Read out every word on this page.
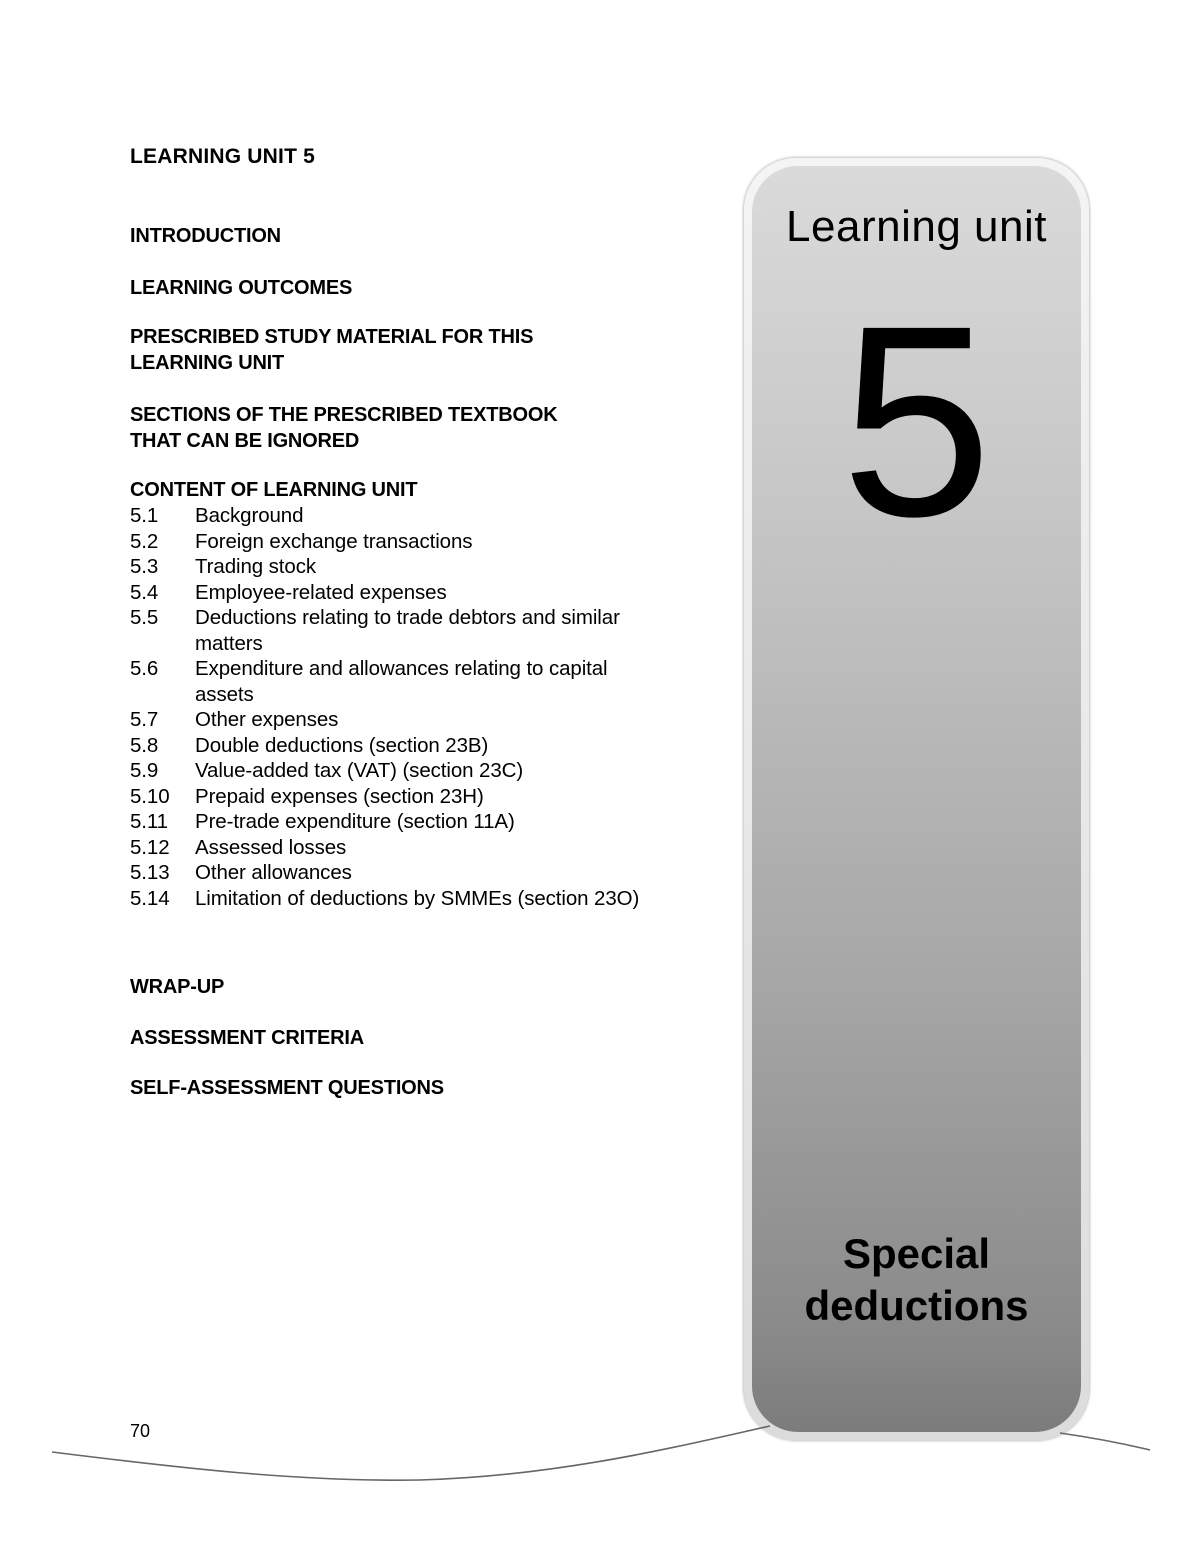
LEARNING UNIT 5
INTRODUCTION
LEARNING OUTCOMES
PRESCRIBED STUDY MATERIAL FOR THIS
LEARNING UNIT
SECTIONS OF THE PRESCRIBED TEXTBOOK
THAT CAN BE IGNORED
CONTENT OF LEARNING UNIT
5.1	Background
5.2	Foreign exchange transactions
5.3	Trading stock
5.4	Employee-related expenses
5.5	Deductions relating to trade debtors and similar matters
5.6	Expenditure and allowances relating to capital assets
5.7	Other expenses
5.8	Double deductions (section 23B)
5.9	Value-added tax (VAT) (section 23C)
5.10	Prepaid expenses (section 23H)
5.11	Pre-trade expenditure (section 11A)
5.12	Assessed losses
5.13	Other allowances
5.14	Limitation of deductions by SMMEs (section 23O)
WRAP-UP
ASSESSMENT CRITERIA
SELF-ASSESSMENT QUESTIONS
Learning unit
5
Special
deductions
70
